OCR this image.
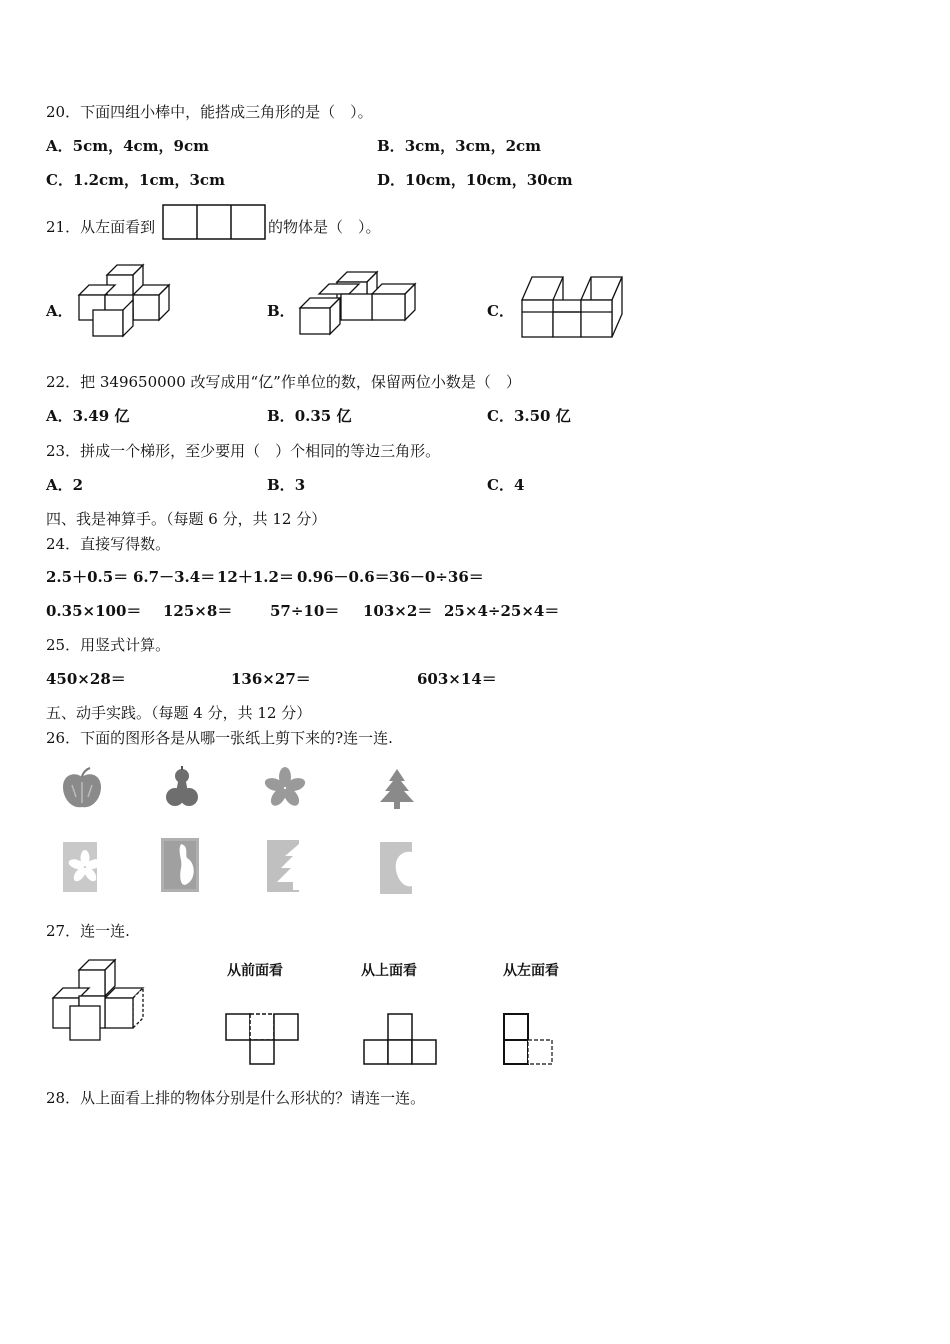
20．下面四组小棒中，能搭成三角形的是（　）。
A．5cm，4cm，9cm	B．3cm，3cm，2cm
C．1.2cm，1cm，3cm	D．10cm，10cm，30cm
21．从左面看到	的物体是（　）。
A．	B．	C．
22．把 349650000 改写成用“亿”作单位的数，保留两位小数是（　）
A．3.49 亿	B．0.35 亿	C．3.50 亿
23．拼成一个梯形，至少要用（　）个相同的等边三角形。
A．2	B．3	C．4
四、我是神算手。（每题 6 分，共 12 分）
24．直接写得数。
2.5＋0.5＝ 6.7－3.4＝ 12＋1.2＝ 0.96－0.6＝ 36－0÷36＝
0.35×100＝ 125×8＝	57÷10＝ 103×2＝ 25×4÷25×4＝
25．用竖式计算。
450×28＝	136×27＝	603×14＝
五、动手实践。（每题 4 分，共 12 分）
26．下面的图形各是从哪一张纸上剪下来的?连一连.
27．连一连.
从前面看	从上面看	从左面看
28．从上面看上排的物体分别是什么形状的？请连一连。
